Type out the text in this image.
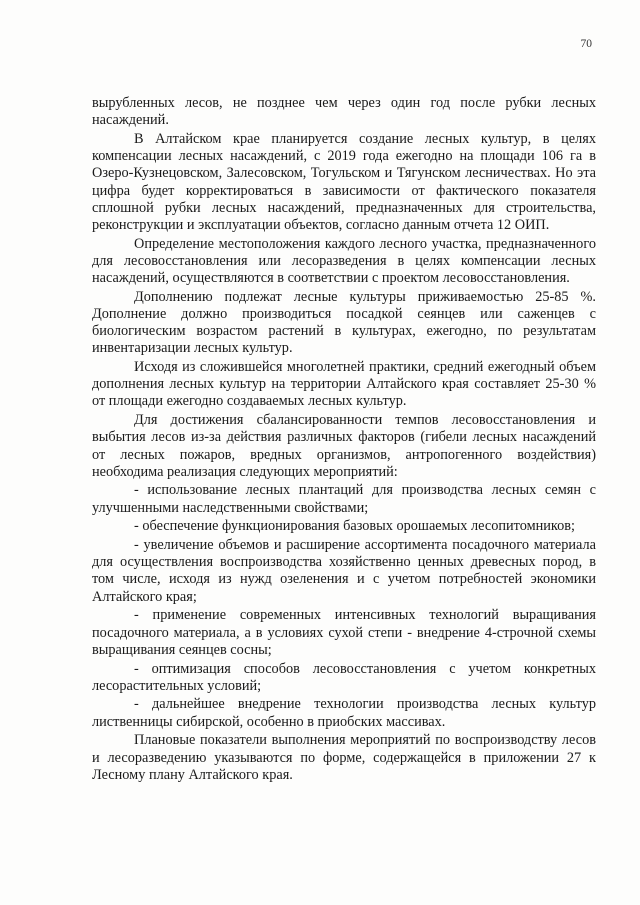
70

вырубленных лесов, не позднее чем через один год после рубки лесных насаждений.

В Алтайском крае планируется создание лесных культур, в целях компенсации лесных насаждений, с 2019 года ежегодно на площади 106 га в Озеро-Кузнецовском, Залесовском, Тогульском и Тягунском лесничествах. Но эта цифра будет корректироваться в зависимости от фактического показателя сплошной рубки лесных насаждений, предназначенных для строительства, реконструкции и эксплуатации объектов, согласно данным отчета 12 ОИП.

Определение местоположения каждого лесного участка, предназначенного для лесовосстановления или лесоразведения в целях компенсации лесных насаждений, осуществляются в соответствии с проектом лесовосстановления.

Дополнению подлежат лесные культуры приживаемостью 25-85 %. Дополнение должно производиться посадкой сеянцев или саженцев с биологическим возрастом растений в культурах, ежегодно, по результатам инвентаризации лесных культур.

Исходя из сложившейся многолетней практики, средний ежегодный объем дополнения лесных культур на территории Алтайского края составляет 25-30 % от площади ежегодно создаваемых лесных культур.

Для достижения сбалансированности темпов лесовосстановления и выбытия лесов из-за действия различных факторов (гибели лесных насаждений от лесных пожаров, вредных организмов, антропогенного воздействия) необходима реализация следующих мероприятий:

- использование лесных плантаций для производства лесных семян с улучшенными наследственными свойствами;

- обеспечение функционирования базовых орошаемых лесопитомников;

- увеличение объемов и расширение ассортимента посадочного материала для осуществления воспроизводства хозяйственно ценных древесных пород, в том числе, исходя из нужд озеленения и с учетом потребностей экономики Алтайского края;

- применение современных интенсивных технологий выращивания посадочного материала, а в условиях сухой степи - внедрение 4-строчной схемы выращивания сеянцев сосны;

- оптимизация способов лесовосстановления с учетом конкретных лесорастительных условий;

- дальнейшее внедрение технологии производства лесных культур лиственницы сибирской, особенно в приобских массивах.

Плановые показатели выполнения мероприятий по воспроизводству лесов и лесоразведению указываются по форме, содержащейся в приложении 27 к Лесному плану Алтайского края.
